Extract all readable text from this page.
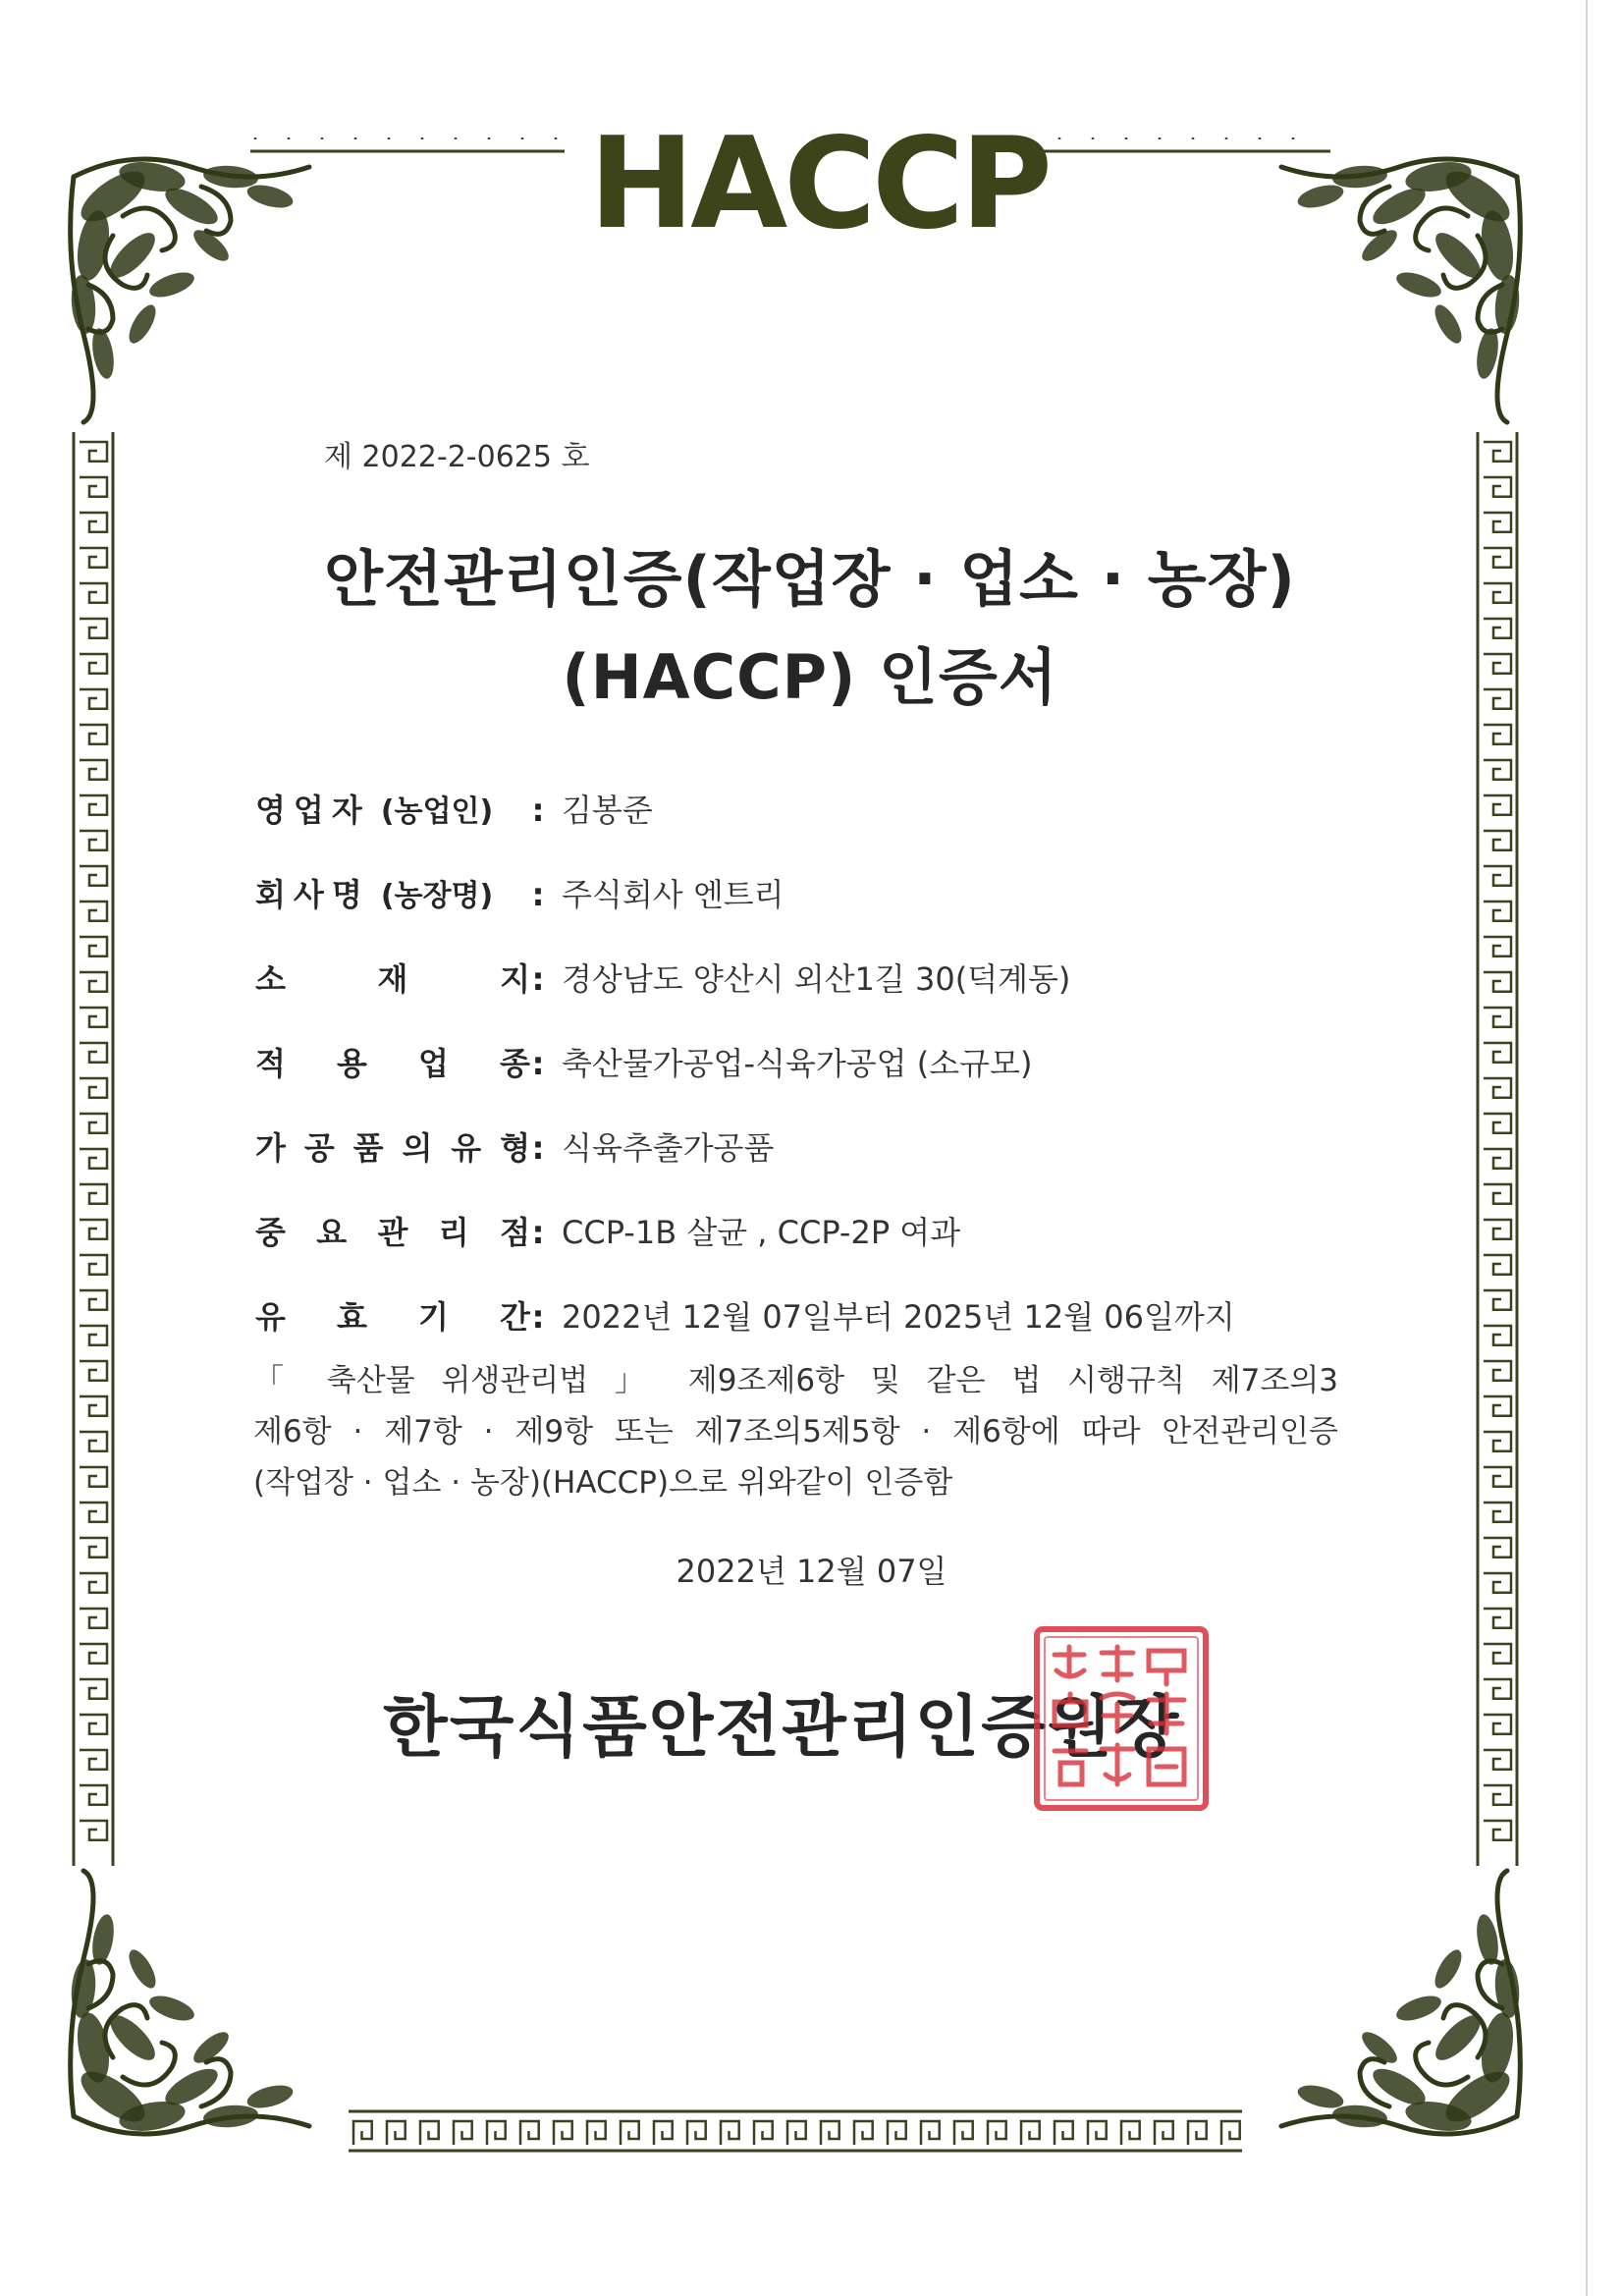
HACCP
제 2022-2-0625 호
안전관리인증(작업장 · 업소 · 농장)
(HACCP) 인증서
영업자 (농업인)	: 김봉준
회사명 (농장명)	: 주식회사 엔트리
소	재	지 : 경상남도 양산시 외산1길 30(덕계동)
적 용 업 종 : 축산물가공업-식육가공업 (소규모)
가 공 품 의 유 형 : 식육추출가공품
중 요 관 리 점 : CCP-1B 살균 , CCP-2P 여과
유 효 기 간 : 2022년 12월 07일부터 2025년 12월 06일까지

「 축산물 위생관리법 」 제9조제6항 및 같은 법 시행규칙 제7조의3

제6항 · 제7항 · 제9항 또는 제7조의5제5항 · 제6항에 따라 안전관리인증

(작업장 · 업소 · 농장)(HACCP)으로 위와같이 인증함

2022년 12월 07일
한국식품안전관리인증원장
